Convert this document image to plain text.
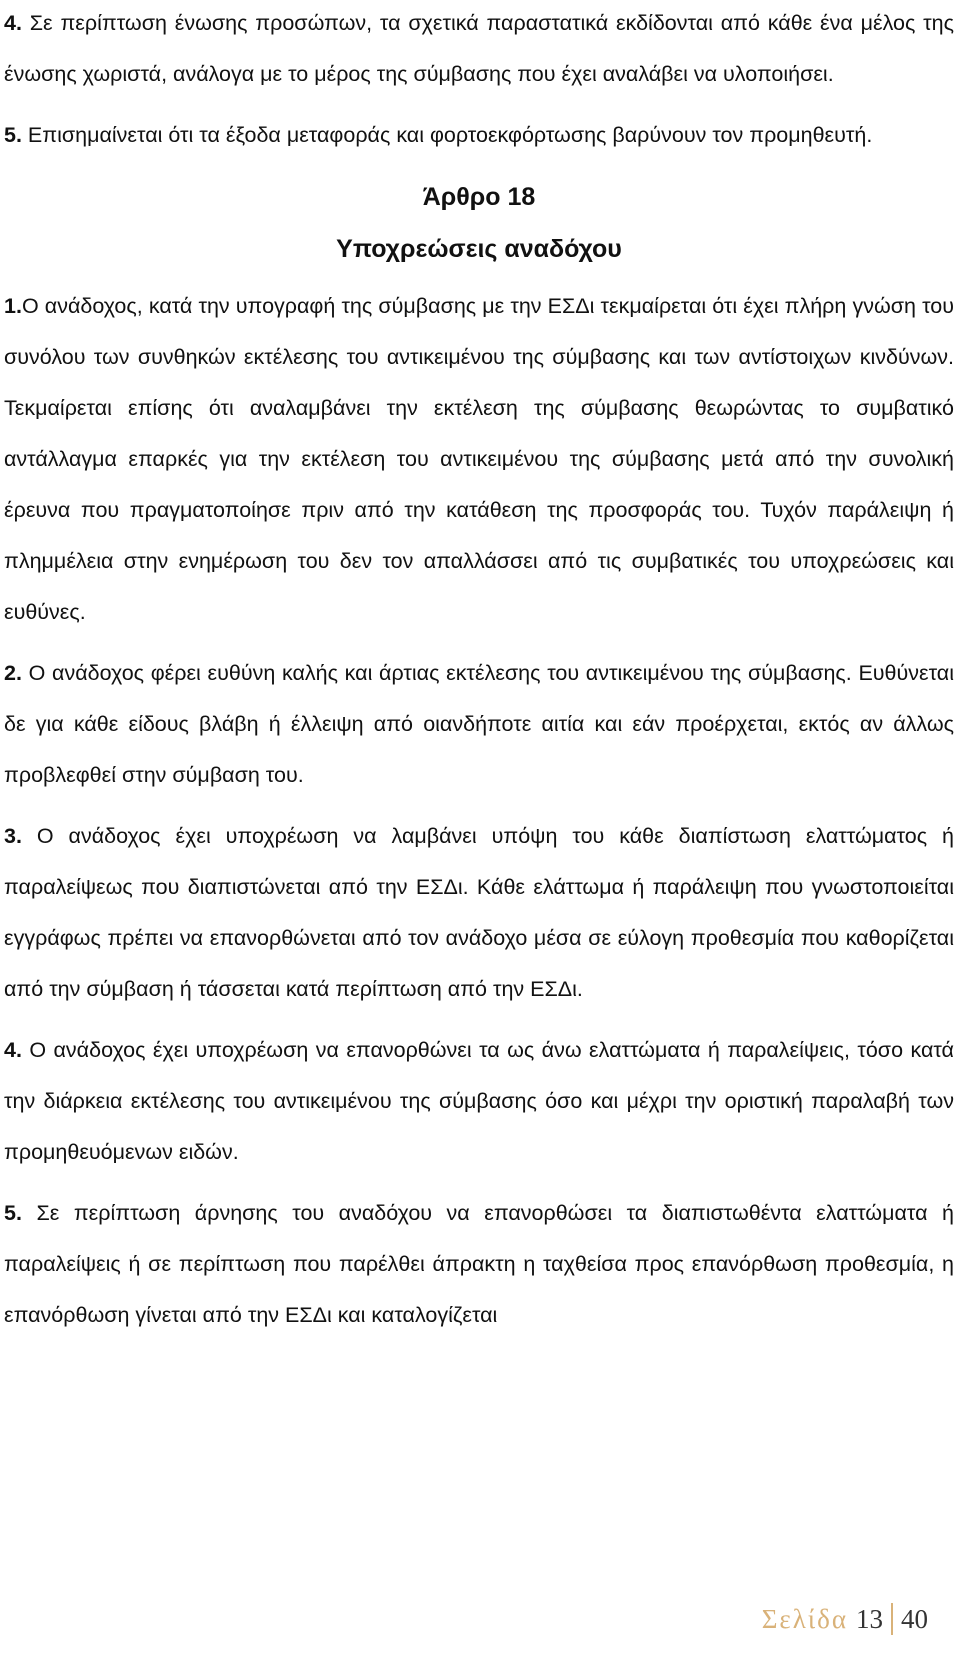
4. Σε περίπτωση ένωσης προσώπων, τα σχετικά παραστατικά εκδίδονται από κάθε ένα μέλος της ένωσης χωριστά, ανάλογα με το μέρος της σύμβασης που έχει αναλάβει να υλοποιήσει.

5. Επισημαίνεται ότι τα έξοδα μεταφοράς και φορτοεκφόρτωσης βαρύνουν τον προμηθευτή.

Άρθρο 18
Υποχρεώσεις αναδόχου

1.Ο ανάδοχος, κατά την υπογραφή της σύμβασης με την ΕΣΔι τεκμαίρεται ότι έχει πλήρη γνώση του συνόλου των συνθηκών εκτέλεσης του αντικειμένου της σύμβασης και των αντίστοιχων κινδύνων. Τεκμαίρεται επίσης ότι αναλαμβάνει την εκτέλεση της σύμβασης θεωρώντας το συμβατικό αντάλλαγμα επαρκές για την εκτέλεση του αντικειμένου της σύμβασης μετά από την συνολική έρευνα που πραγματοποίησε πριν από την κατάθεση της προσφοράς του. Τυχόν παράλειψη ή πλημμέλεια στην ενημέρωση του δεν τον απαλλάσσει από τις συμβατικές του υποχρεώσεις και ευθύνες.

2. Ο ανάδοχος φέρει ευθύνη καλής και άρτιας εκτέλεσης του αντικειμένου της σύμβασης. Ευθύνεται δε για κάθε είδους βλάβη ή έλλειψη από οιανδήποτε αιτία και εάν προέρχεται, εκτός αν άλλως προβλεφθεί στην σύμβαση του.

3. Ο ανάδοχος έχει υποχρέωση να λαμβάνει υπόψη του κάθε διαπίστωση ελαττώματος ή παραλείψεως που διαπιστώνεται από την ΕΣΔι. Κάθε ελάττωμα ή παράλειψη που γνωστοποιείται εγγράφως πρέπει να επανορθώνεται από τον ανάδοχο μέσα σε εύλογη προθεσμία που καθορίζεται από την σύμβαση ή τάσσεται κατά περίπτωση από την ΕΣΔι.

4. Ο ανάδοχος έχει υποχρέωση να επανορθώνει τα ως άνω ελαττώματα ή παραλείψεις, τόσο κατά την διάρκεια εκτέλεσης του αντικειμένου της σύμβασης όσο και μέχρι την οριστική παραλαβή των προμηθευόμενων ειδών.

5. Σε περίπτωση άρνησης του αναδόχου να επανορθώσει τα διαπιστωθέντα ελαττώματα ή παραλείψεις ή σε περίπτωση που παρέλθει άπρακτη η ταχθείσα προς επανόρθωση προθεσμία, η επανόρθωση γίνεται από την ΕΣΔι και καταλογίζεται

Σελίδα 13 40
